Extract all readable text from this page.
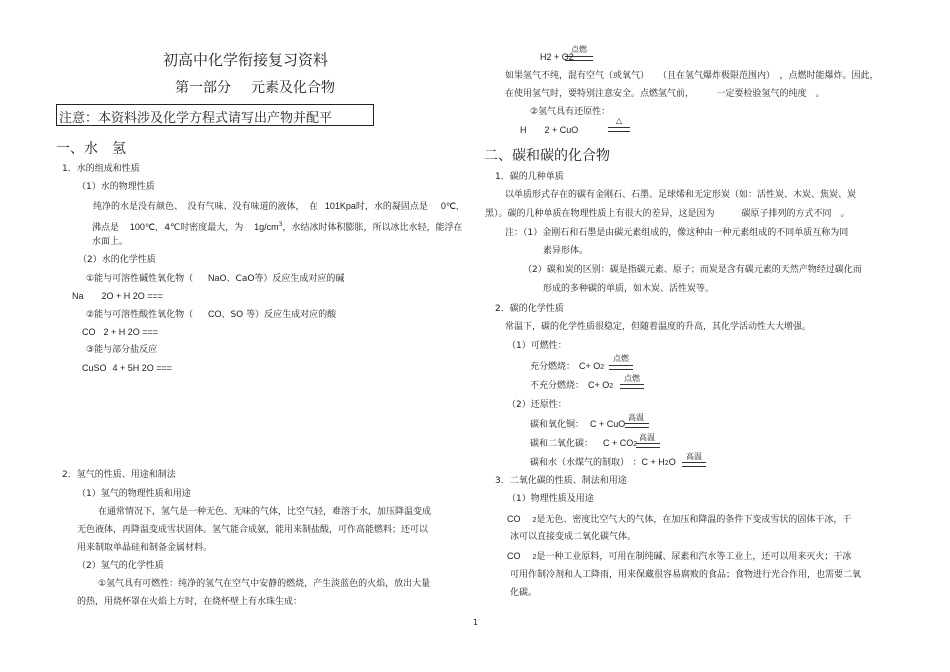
初高中化学衔接复习资料
第一部分 元素及化合物
注意：本资料涉及化学方程式请写出产物并配平
一、水　氢
1．水的组成和性质
（1）水的物理性质
纯净的水是没有颜色、　没有气味、没有味道的液体，　在 101Kpa时，水的凝固点是 0℃,
沸点是 100℃, 4℃时密度最大，为 $1g/cm^3$，水结冰时体积膨胀，所以冰比水轻，能浮在
水面上。
（2）水的化学性质
①能与可溶性碱性氧化物（ NaO、CaO等）反应生成对应的碱
Na 2O + H 2O ===
②能与可溶性酸性氧化物（ CO、SO 等）反应生成对应的酸
CO 2 + H 2O ===
③能与部分盐反应
CuSO 4 + 5H 2O ===
2．氢气的性质、用途和制法
（1）氢气的物理性质和用途
在通常情况下，氢气是一种无色、无味的气体，比空气轻，难溶于水，加压降温变成
无色液体，再降温变成雪状固体。氢气能合成氨，能用来制盐酸，可作高能燃料；还可以
用来制取单晶硅和制备金属材料。
（2）氢气的化学性质
①氢气具有可燃性：纯净的氢气在空气中安静的燃烧，产生淡蓝色的火焰，放出大量
的热，用烧杯罩在火焰上方时，在烧杯壁上有水珠生成：
H2 + O2
点燃
如果氢气不纯，混有空气（或氧气）　　（且在氢气爆炸极限范围内）　，点燃时能爆炸。因此，
在使用氢气时，要特别注意安全。点燃氢气前，　　　一定要检验氢气的纯度　。
②氢气具有还原性：
H 2 + CuO
△
二、碳和碳的化合物
1．碳的几种单质
以单质形式存在的碳有金刚石、石墨、足球烯和无定形炭（如：活性炭、木炭、焦炭、炭
黑）。碳的几种单质在物理性质上有很大的差异，这是因为　　　碳原子排列的方式不同　。
注：（1）金刚石和石墨是由碳元素组成的，像这种由一种元素组成的不同单质互称为同
素异形体。
（2）碳和炭的区别：碳是指碳元素、原子；而炭是含有碳元素的天然产物经过碳化而
形成的多种碳的单质，如木炭、活性炭等。
2．碳的化学性质
常温下，碳的化学性质很稳定，但随着温度的升高，其化学活动性大大增强。
（1）可燃性：
充分燃烧： C+ O2
点燃
不充分燃烧： C+ O2
点燃
（2）还原性：
碳和氧化铜： C + CuO
高温
碳和二氧化碳： C + CO2
高温
碳和水（水煤气的制取） ：C + H2O
高温
3．二氧化碳的性质、制法和用途
（1）物理性质及用途
CO 2是无色、密度比空气大的气体，在加压和降温的条件下变成雪状的固体干冰，干
冰可以直接变成二氧化碳气体。
CO 2是一种工业原料，可用在制纯碱、尿素和汽水等工业上，还可以用来灭火；干冰
可用作制冷剂和人工降雨，用来保藏很容易腐败的食品；食物进行光合作用，也需要二氧
化碳。
1
